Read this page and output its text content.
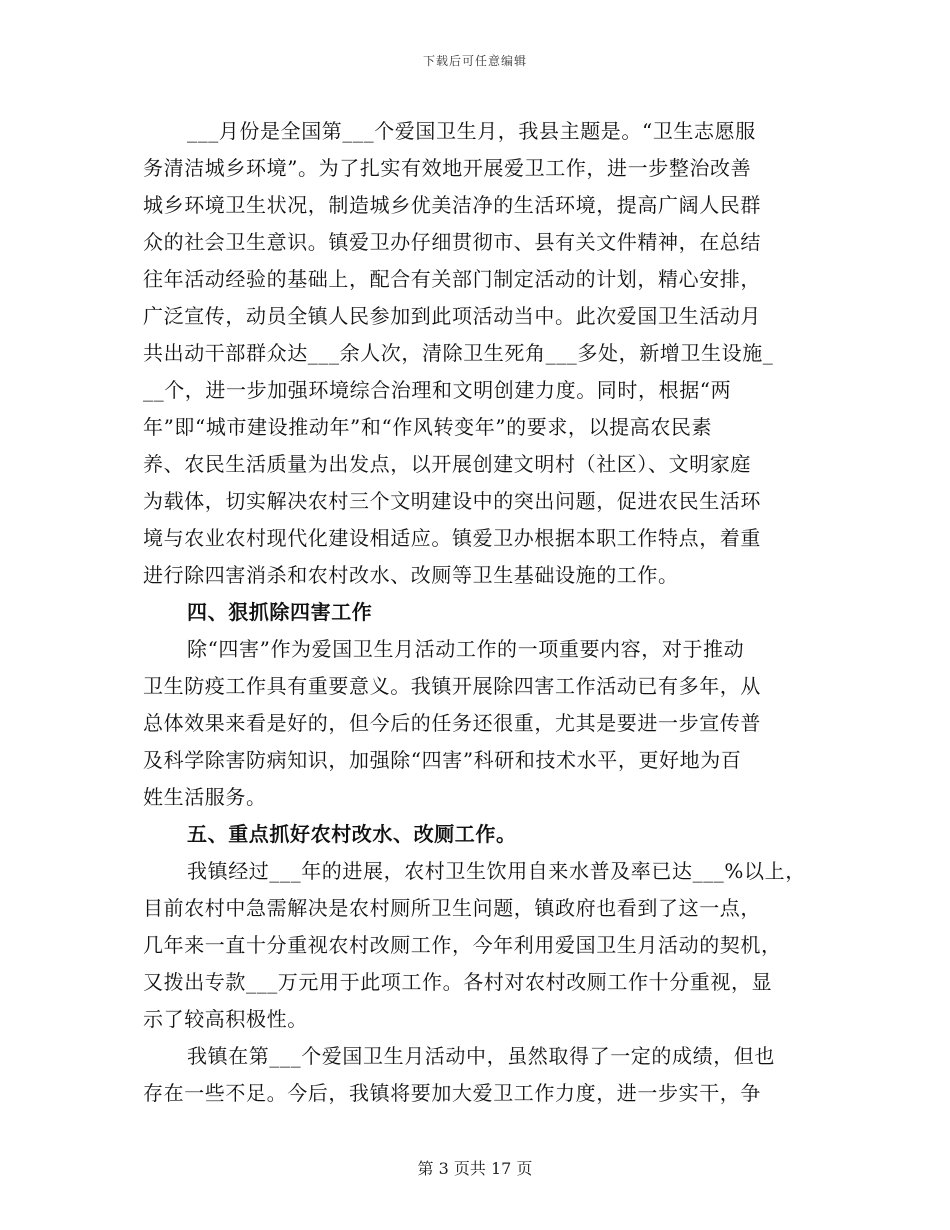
下载后可任意编辑
___月份是全国第___个爱国卫生月，我县主题是。“卫生志愿服
务清洁城乡环境”。为了扎实有效地开展爱卫工作，进一步整治改善
城乡环境卫生状况，制造城乡优美洁净的生活环境，提高广阔人民群
众的社会卫生意识。镇爱卫办仔细贯彻市、县有关文件精神，在总结
往年活动经验的基础上，配合有关部门制定活动的计划，精心安排，
广泛宣传，动员全镇人民参加到此项活动当中。此次爱国卫生活动月
共出动干部群众达___余人次，清除卫生死角___多处，新增卫生设施_
__个，进一步加强环境综合治理和文明创建力度。同时，根据“两
年”即“城市建设推动年”和“作风转变年”的要求，以提高农民素
养、农民生活质量为出发点，以开展创建文明村（社区）、文明家庭
为载体，切实解决农村三个文明建设中的突出问题，促进农民生活环
境与农业农村现代化建设相适应。镇爱卫办根据本职工作特点，着重
进行除四害消杀和农村改水、改厕等卫生基础设施的工作。
四、狠抓除四害工作
除“四害”作为爱国卫生月活动工作的一项重要内容，对于推动
卫生防疫工作具有重要意义。我镇开展除四害工作活动已有多年，从
总体效果来看是好的，但今后的任务还很重，尤其是要进一步宣传普
及科学除害防病知识，加强除“四害”科研和技术水平，更好地为百
姓生活服务。
五、重点抓好农村改水、改厕工作。
我镇经过___年的进展，农村卫生饮用自来水普及率已达___%以上，
目前农村中急需解决是农村厕所卫生问题，镇政府也看到了这一点，
几年来一直十分重视农村改厕工作，今年利用爱国卫生月活动的契机，
又拨出专款___万元用于此项工作。各村对农村改厕工作十分重视，显
示了较高积极性。
我镇在第___个爱国卫生月活动中，虽然取得了一定的成绩，但也
存在一些不足。今后，我镇将要加大爱卫工作力度，进一步实干，争
第 3 页共 17 页
